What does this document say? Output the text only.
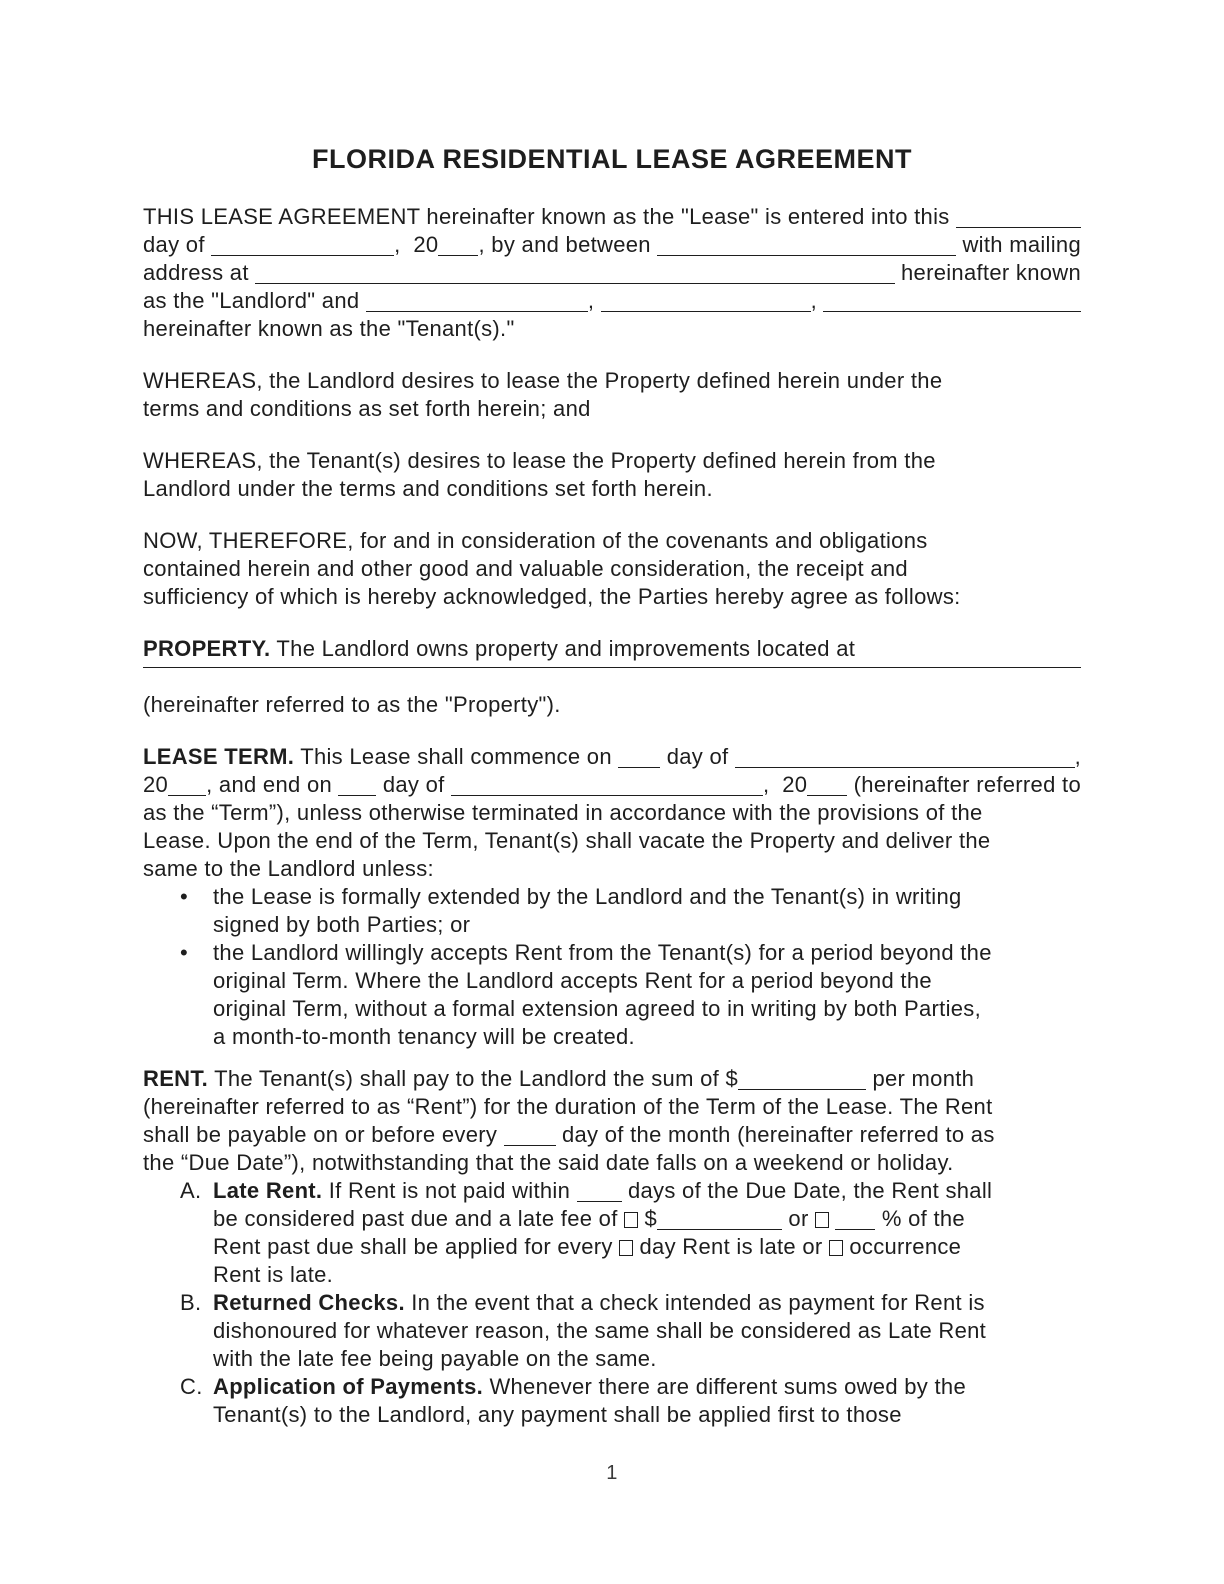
FLORIDA RESIDENTIAL LEASE AGREEMENT
THIS LEASE AGREEMENT hereinafter known as the "Lease" is entered into this
day of	,  20 , by and between	with mailing
address at	hereinafter known
as the "Landlord" and	,	,
hereinafter known as the "Tenant(s)."
WHEREAS, the Landlord desires to lease the Property defined herein under the
terms and conditions as set forth herein; and
WHEREAS, the Tenant(s) desires to lease the Property defined herein from the
Landlord under the terms and conditions set forth herein.
NOW, THEREFORE, for and in consideration of the covenants and obligations
contained herein and other good and valuable consideration, the receipt and
sufficiency of which is hereby acknowledged, the Parties hereby agree as follows:
PROPERTY. The Landlord owns property and improvements located at
(hereinafter referred to as the "Property").
LEASE TERM. This Lease shall commence on day of	,
20 , and end on day of	,  20 (hereinafter referred to
as the “Term”), unless otherwise terminated in accordance with the provisions of the
Lease. Upon the end of the Term, Tenant(s) shall vacate the Property and deliver the
same to the Landlord unless:
•	the Lease is formally extended by the Landlord and the Tenant(s) in writing
signed by both Parties; or
•	the Landlord willingly accepts Rent from the Tenant(s) for a period beyond the
original Term. Where the Landlord accepts Rent for a period beyond the
original Term, without a formal extension agreed to in writing by both Parties,
a month-to-month tenancy will be created.
RENT. The Tenant(s) shall pay to the Landlord the sum of $	per month
(hereinafter referred to as “Rent”) for the duration of the Term of the Lease. The Rent
shall be payable on or before every day of the month (hereinafter referred to as
the “Due Date”), notwithstanding that the said date falls on a weekend or holiday.
A. Late Rent. If Rent is not paid within days of the Due Date, the Rent shall
be considered past due and a late fee of $	or
	% of the
Rent past due shall be applied for every day Rent is late or occurrence
Rent is late.
B. Returned Checks. In the event that a check intended as payment for Rent is
dishonoured for whatever reason, the same shall be considered as Late Rent
with the late fee being payable on the same.
C. Application of Payments. Whenever there are different sums owed by the
Tenant(s) to the Landlord, any payment shall be applied first to those
1
